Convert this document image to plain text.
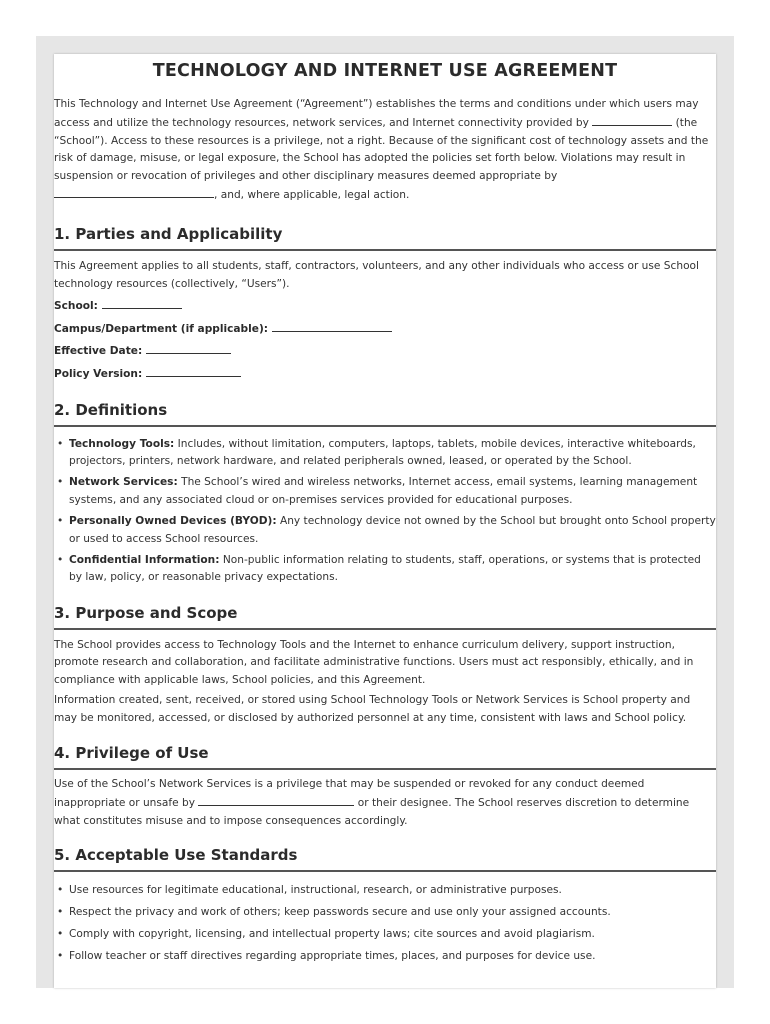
TECHNOLOGY AND INTERNET USE AGREEMENT

This Technology and Internet Use Agreement (“Agreement”) establishes the terms and conditions under which users may access and utilize the technology resources, network services, and Internet connectivity provided by	(the “School”). Access to these resources is a privilege, not a right. Because of the significant cost of technology assets and the risk of damage, misuse, or legal exposure, the School has adopted the policies set forth below. Violations may result in suspension or revocation of privileges and other disciplinary measures deemed appropriate by , and, where applicable, legal action.

1. Parties and Applicability

This Agreement applies to all students, staff, contractors, volunteers, and any other individuals who access or use School technology resources (collectively, “Users”).

School:
Campus/Department (if applicable):
Effective Date:
Policy Version:
2. Definitions
• Technology Tools: Includes, without limitation, computers, laptops, tablets, mobile devices, interactive whiteboards, projectors, printers, network hardware, and related peripherals owned, leased, or operated by the School.
• Network Services: The School’s wired and wireless networks, Internet access, email systems, learning management systems, and any associated cloud or on-premises services provided for educational purposes.
• Personally Owned Devices (BYOD): Any technology device not owned by the School but brought onto School property or used to access School resources.
• Confidential Information: Non-public information relating to students, staff, operations, or systems that is protected by law, policy, or reasonable privacy expectations.
3. Purpose and Scope

The School provides access to Technology Tools and the Internet to enhance curriculum delivery, support instruction, promote research and collaboration, and facilitate administrative functions. Users must act responsibly, ethically, and in compliance with applicable laws, School policies, and this Agreement.

Information created, sent, received, or stored using School Technology Tools or Network Services is School property and may be monitored, accessed, or disclosed by authorized personnel at any time, consistent with laws and School policy.

4. Privilege of Use

Use of the School’s Network Services is a privilege that may be suspended or revoked for any conduct deemed inappropriate or unsafe by	or their designee. The School reserves discretion to determine what constitutes misuse and to impose consequences accordingly.

5. Acceptable Use Standards
• Use resources for legitimate educational, instructional, research, or administrative purposes.
• Respect the privacy and work of others; keep passwords secure and use only your assigned accounts.
• Comply with copyright, licensing, and intellectual property laws; cite sources and avoid plagiarism.
• Follow teacher or staff directives regarding appropriate times, places, and purposes for device use.
